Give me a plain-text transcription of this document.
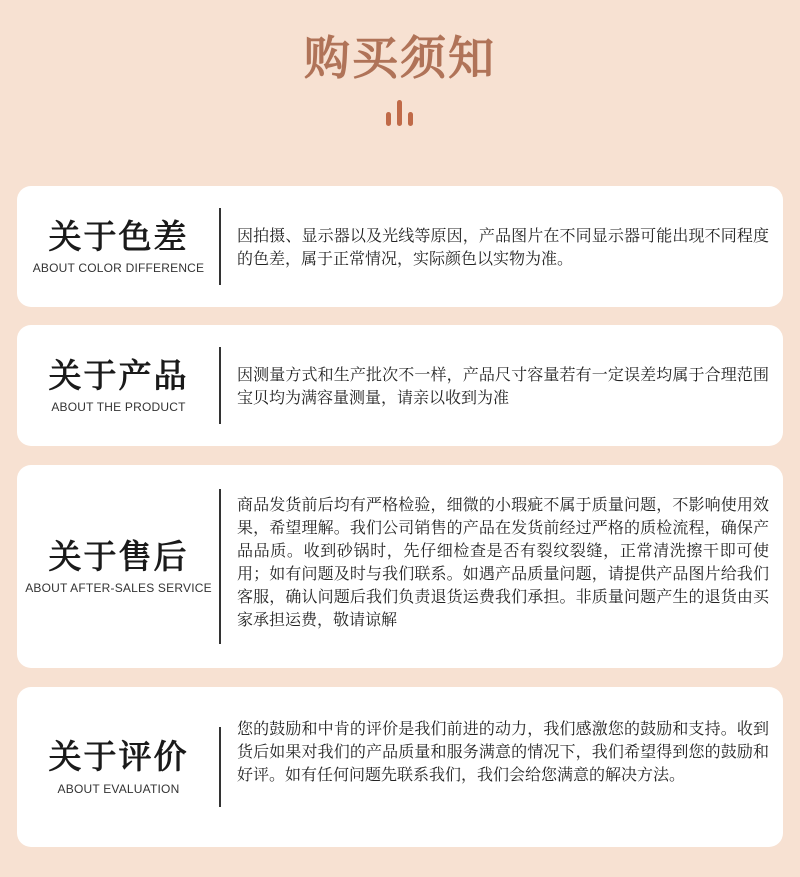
购买须知
关于色差
ABOUT COLOR DIFFERENCE
因拍摄、显示器以及光线等原因，产品图片在不同显示器可能出现不同程度的色差，属于正常情况，实际颜色以实物为准。
关于产品
ABOUT THE PRODUCT
因测量方式和生产批次不一样，产品尺寸容量若有一定误差均属于合理范围宝贝均为满容量测量，请亲以收到为准
关于售后
ABOUT AFTER-SALES SERVICE
商品发货前后均有严格检验，细微的小瑕疵不属于质量问题，不影响使用效果，希望理解。我们公司销售的产品在发货前经过严格的质检流程，确保产品品质。收到砂锅时，先仔细检查是否有裂纹裂缝，正常清洗擦干即可使用；如有问题及时与我们联系。如遇产品质量问题，请提供产品图片给我们客服，确认问题后我们负责退货运费我们承担。非质量问题产生的退货由买家承担运费，敬请谅解
关于评价
ABOUT EVALUATION
您的鼓励和中肯的评价是我们前进的动力，我们感激您的鼓励和支持。收到货后如果对我们的产品质量和服务满意的情况下，我们希望得到您的鼓励和好评。如有任何问题先联系我们，我们会给您满意的解决方法。
